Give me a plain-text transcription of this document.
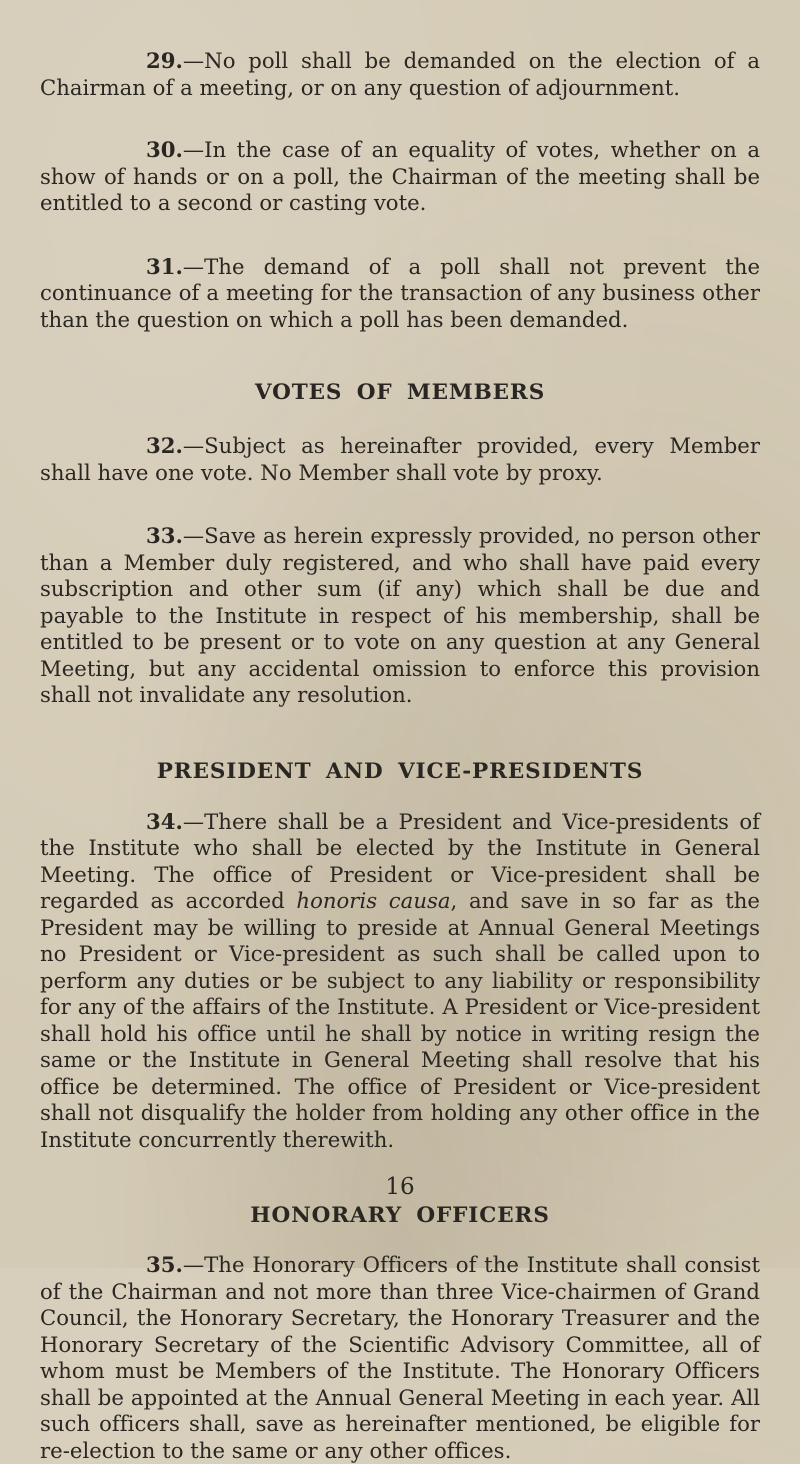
29.—No poll shall be demanded on the election of a Chairman of a meeting, or on any question of adjournment.

30.—In the case of an equality of votes, whether on a show of hands or on a poll, the Chairman of the meeting shall be entitled to a second or casting vote.

31.—The demand of a poll shall not prevent the continuance of a meeting for the transaction of any business other than the question on which a poll has been demanded.

VOTES OF MEMBERS

32.—Subject as hereinafter provided, every Member shall have one vote. No Member shall vote by proxy.

33.—Save as herein expressly provided, no person other than a Member duly registered, and who shall have paid every subscription and other sum (if any) which shall be due and payable to the Institute in respect of his membership, shall be entitled to be present or to vote on any question at any General Meeting, but any accidental omission to enforce this provision shall not invalidate any resolution.

PRESIDENT AND VICE-PRESIDENTS

34.—There shall be a President and Vice-presidents of the Institute who shall be elected by the Institute in General Meeting. The office of President or Vice-president shall be regarded as accorded honoris causa, and save in so far as the President may be willing to preside at Annual General Meetings no President or Vice-president as such shall be called upon to perform any duties or be subject to any liability or responsibility for any of the affairs of the Institute. A President or Vice-president shall hold his office until he shall by notice in writing resign the same or the Institute in General Meeting shall resolve that his office be determined. The office of President or Vice-president shall not disqualify the holder from holding any other office in the Institute concurrently therewith.

HONORARY OFFICERS

35.—The Honorary Officers of the Institute shall consist of the Chairman and not more than three Vice-chairmen of Grand Council, the Honorary Secretary, the Honorary Treasurer and the Honorary Secretary of the Scientific Advisory Committee, all of whom must be Members of the Institute. The Honorary Officers shall be appointed at the Annual General Meeting in each year. All such officers shall, save as hereinafter mentioned, be eligible for re-election to the same or any other offices.

16
